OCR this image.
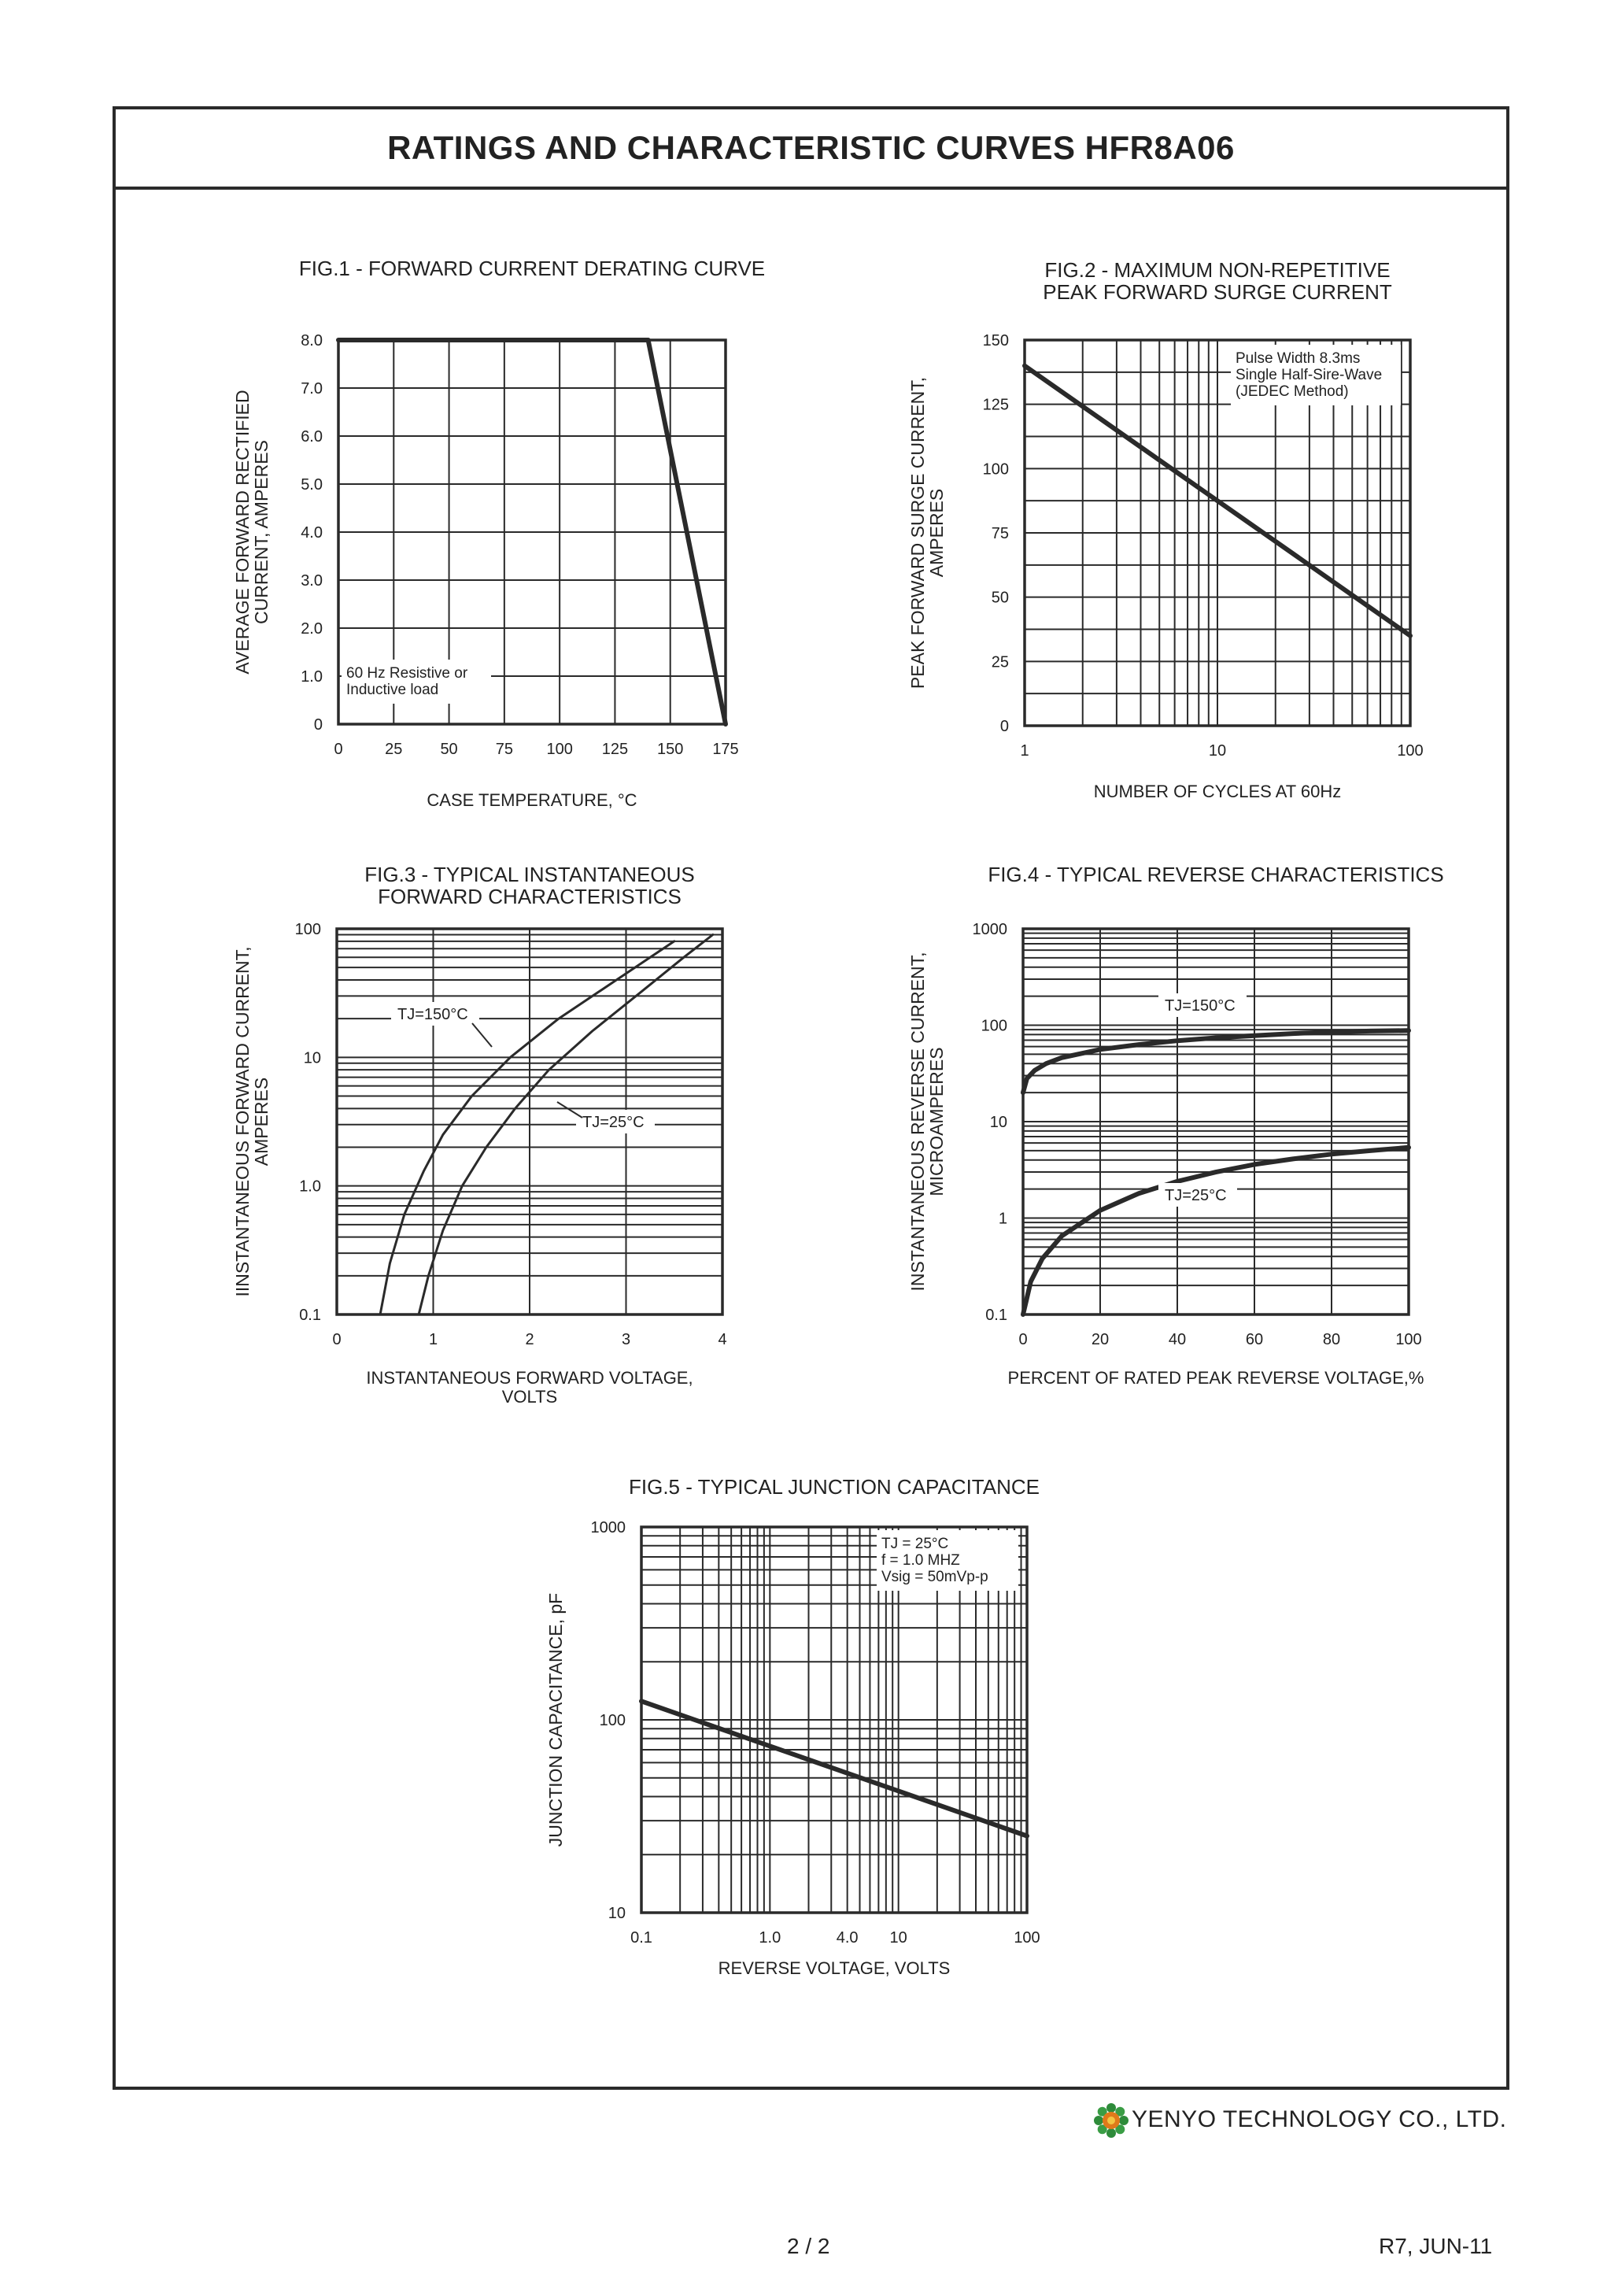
RATINGS AND CHARACTERISTIC CURVES HFR8A06
0	25 50 75 100 125 150 175
0
1.0
2.0
3.0
4.0
5.0
6.0
7.0
8.0
FIG.1 - FORWARD CURRENT DERATING CURVE
CASE TEMPERATURE, °C
AVERAGE FORWARD RECTIFIED
CURRENT, AMPERES
60 Hz Resistive or
Inductive load
1	10	100
0
25
50
75
100
125
150
FIG.2 - MAXIMUM NON-REPETITIVE
PEAK FORWARD SURGE CURRENT
NUMBER OF CYCLES AT 60Hz
PEAK FORWARD SURGE CURRENT,
AMPERES
Pulse Width 8.3ms
Single Half-Sire-Wave
(JEDEC Method)
0	1	2	3	4
0.1
1.0
10
100
FIG.3 - TYPICAL INSTANTANEOUS
FORWARD CHARACTERISTICS
INSTANTANEOUS FORWARD VOLTAGE,
VOLTS
IINSTANTANEOUS FORWARD CURRENT,
AMPERES
TJ=150°C
TJ=25°C
0	20	40	60	80	100
0.1
1
10
100
1000
FIG.4 - TYPICAL REVERSE CHARACTERISTICS
PERCENT OF RATED PEAK REVERSE VOLTAGE,%
INSTANTANEOUS REVERSE CURRENT,
MICROAMPERES
TJ=150°C
TJ=25°C
0.1	1.0	4.0 10	100
10
100
1000
FIG.5 - TYPICAL JUNCTION CAPACITANCE
REVERSE VOLTAGE, VOLTS
JUNCTION CAPACITANCE, pF
TJ = 25°C
f = 1.0 MHZ
Vsig = 50mVp-p
YENYO TECHNOLOGY CO., LTD.
2 / 2	R7, JUN-11
